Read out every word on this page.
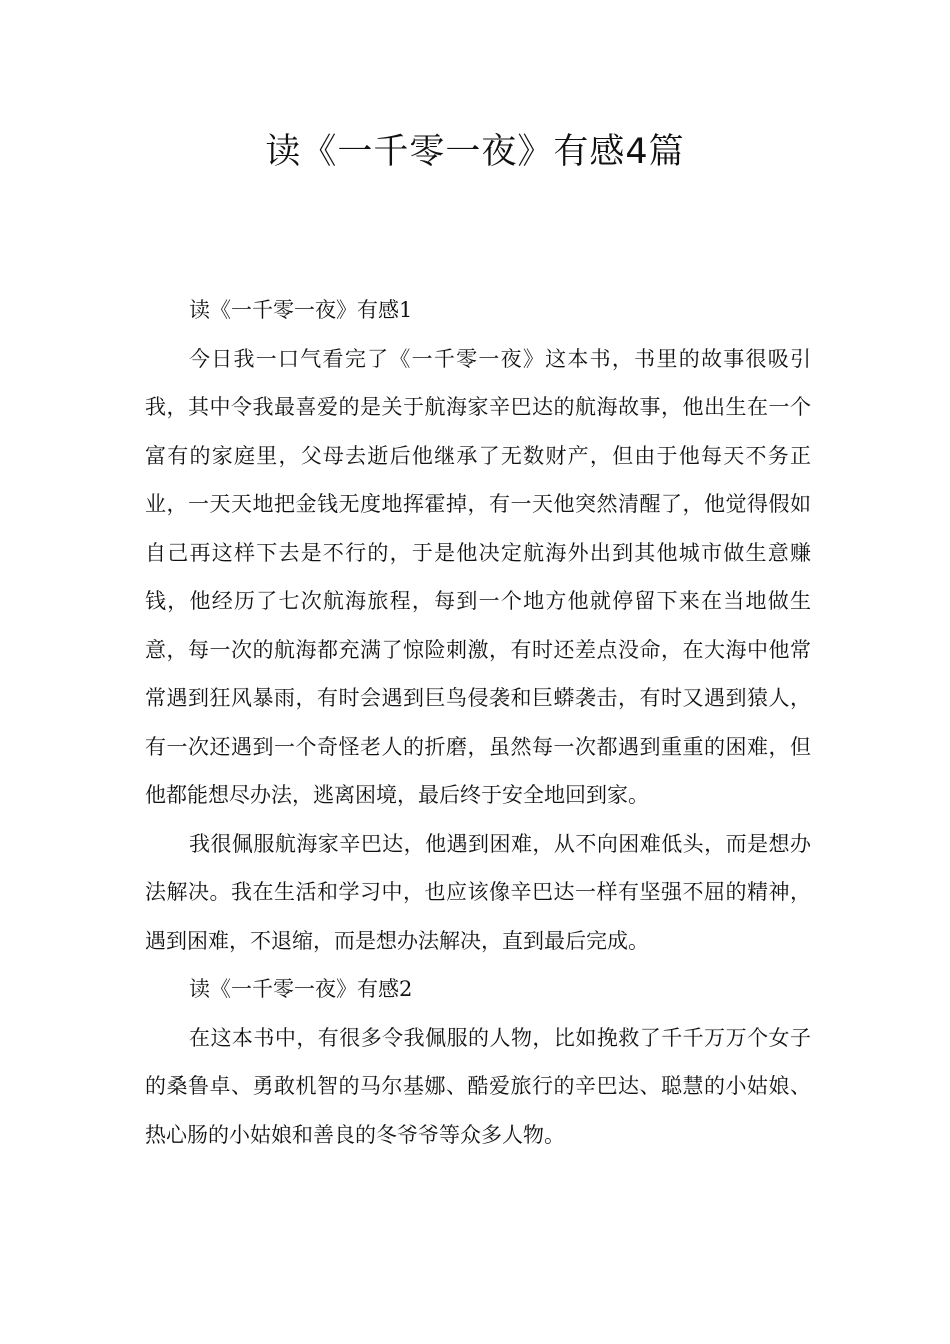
读《一千零一夜》有感4篇

读《一千零一夜》有感1

今日我一口气看完了《一千零一夜》这本书，书里的故事很吸引我，其中令我最喜爱的是关于航海家辛巴达的航海故事，他出生在一个富有的家庭里，父母去逝后他继承了无数财产，但由于他每天不务正业，一天天地把金钱无度地挥霍掉，有一天他突然清醒了，他觉得假如自己再这样下去是不行的，于是他决定航海外出到其他城市做生意赚钱，他经历了七次航海旅程，每到一个地方他就停留下来在当地做生意，每一次的航海都充满了惊险刺激，有时还差点没命，在大海中他常常遇到狂风暴雨，有时会遇到巨鸟侵袭和巨蟒袭击，有时又遇到猿人，有一次还遇到一个奇怪老人的折磨，虽然每一次都遇到重重的困难，但他都能想尽办法，逃离困境，最后终于安全地回到家。

我很佩服航海家辛巴达，他遇到困难，从不向困难低头，而是想办法解决。我在生活和学习中，也应该像辛巴达一样有坚强不屈的精神，遇到困难，不退缩，而是想办法解决，直到最后完成。

读《一千零一夜》有感2

在这本书中，有很多令我佩服的人物，比如挽救了千千万万个女子的桑鲁卓、勇敢机智的马尔基娜、酷爱旅行的辛巴达、聪慧的小姑娘、热心肠的小姑娘和善良的冬爷爷等众多人物。
